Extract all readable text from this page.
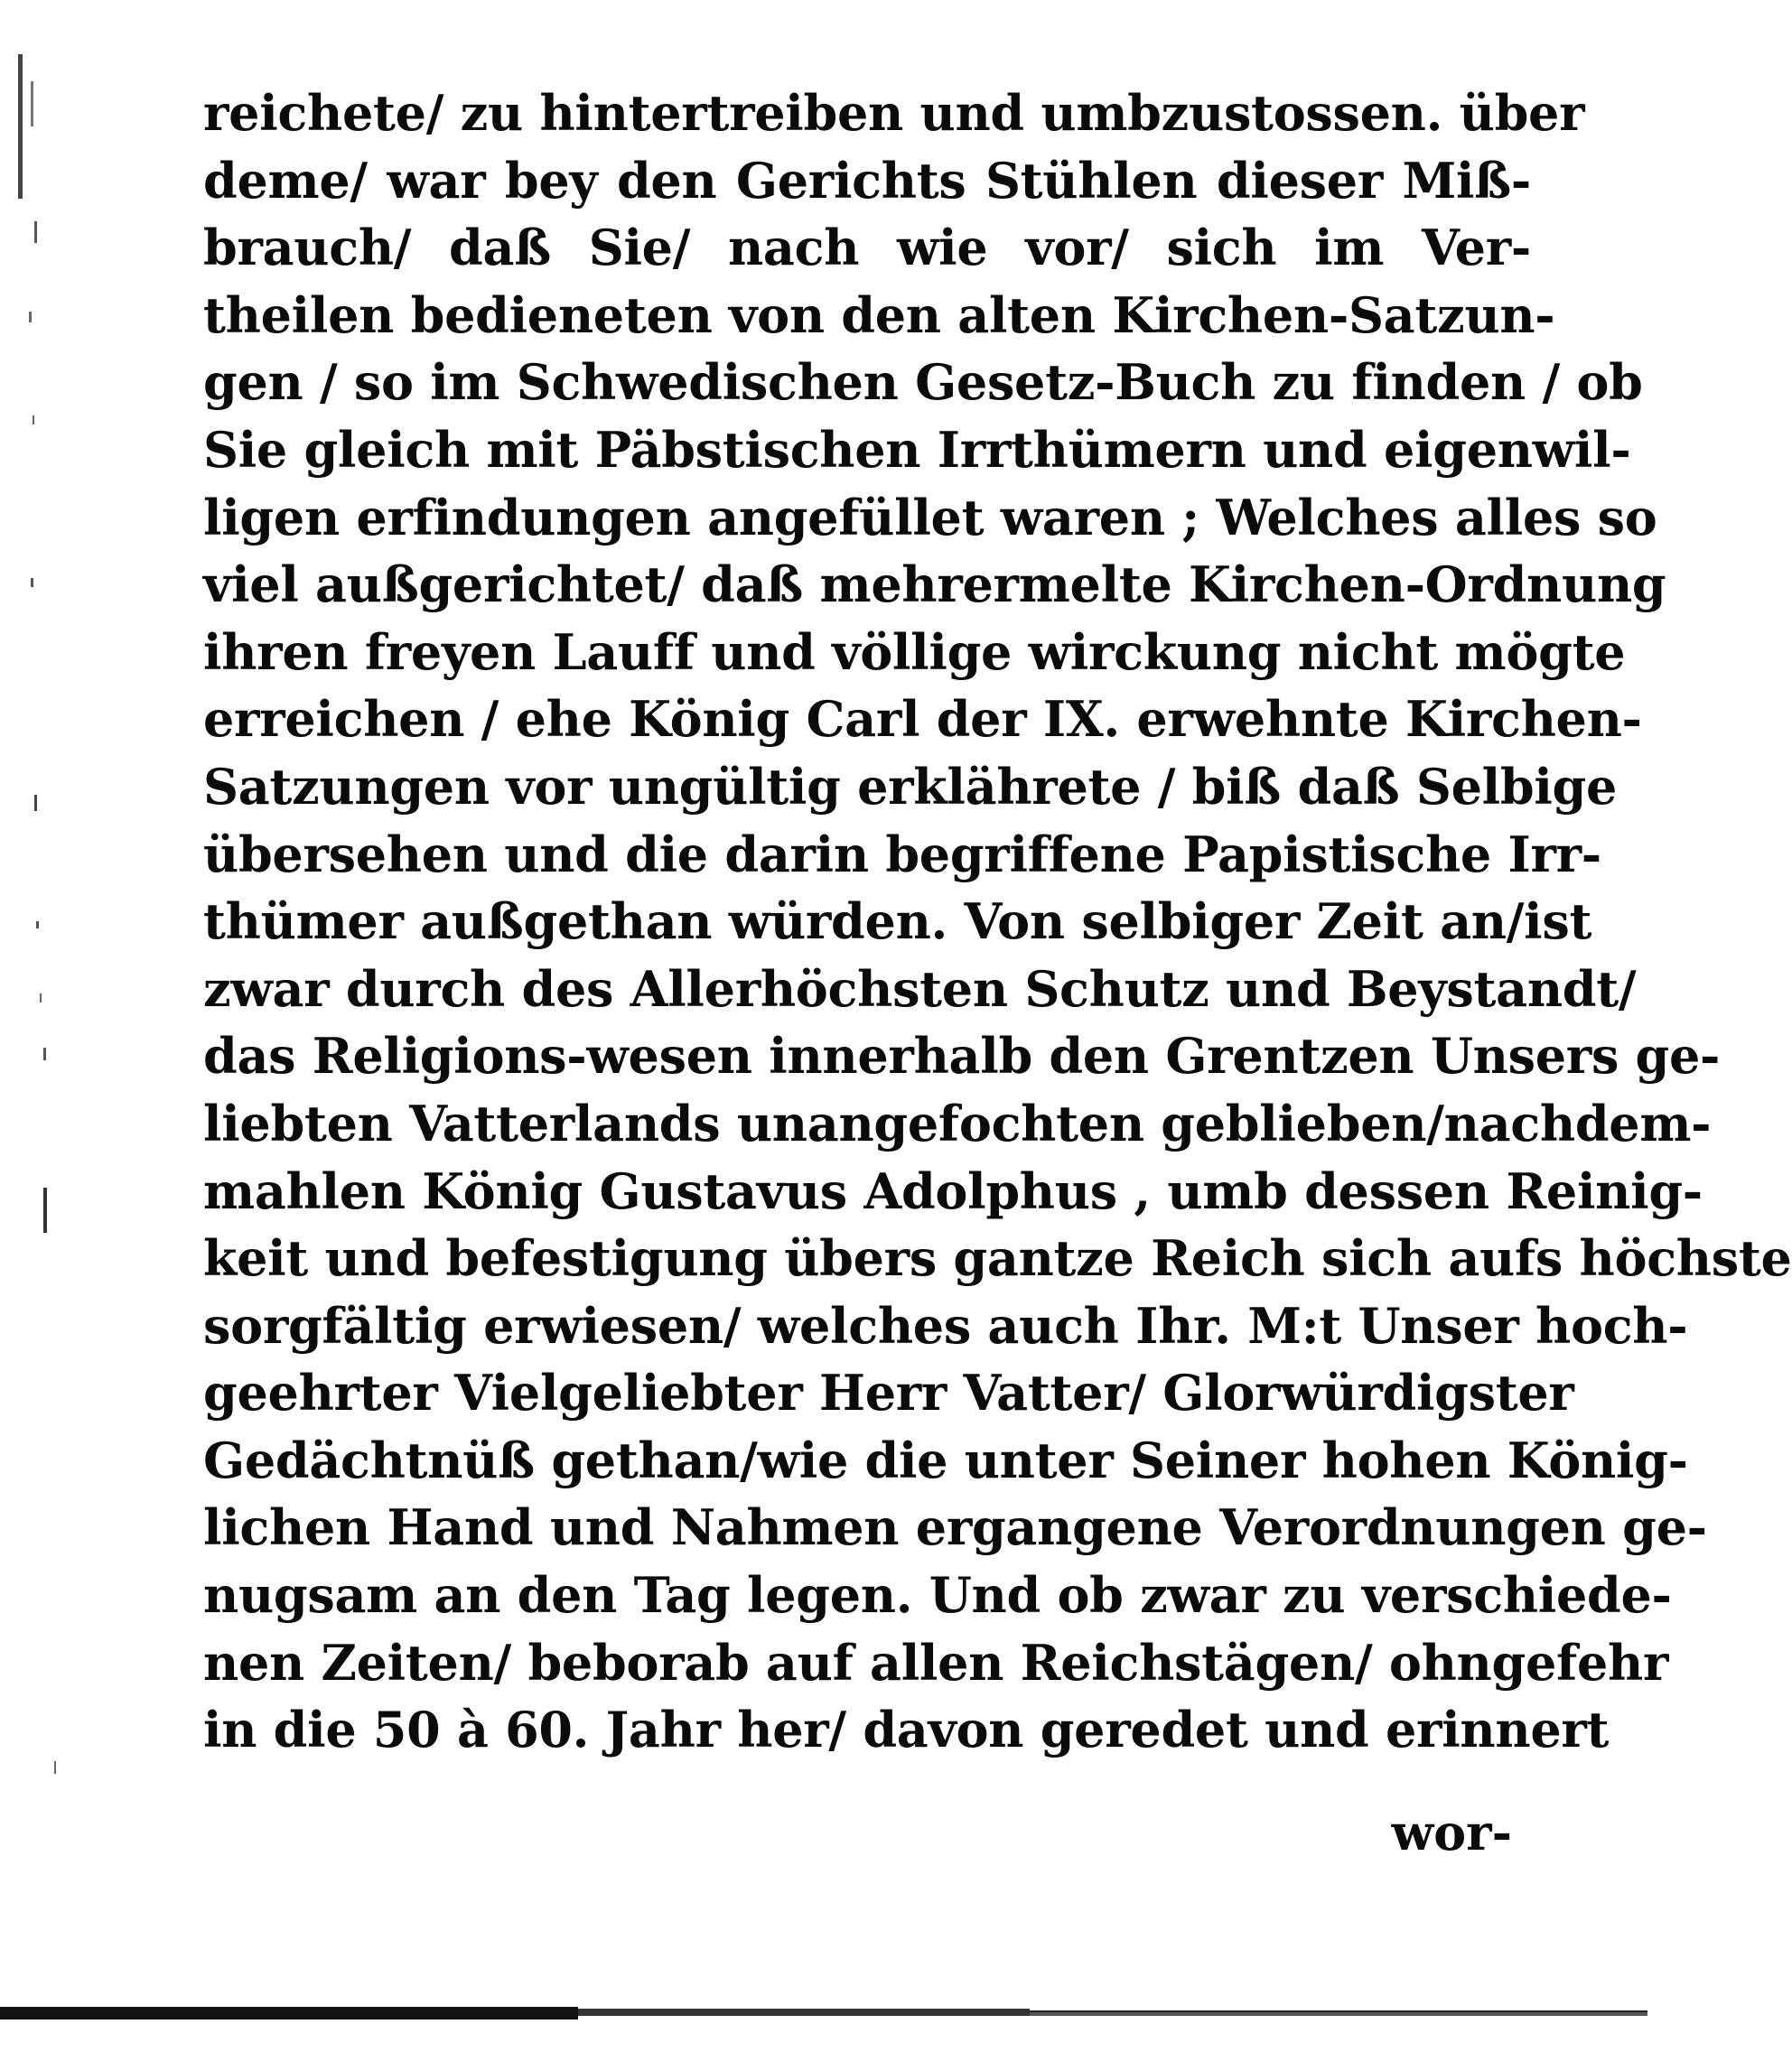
reichete/ zu hintertreiben und umbzustossen. über
deme/ war bey den Gerichts Stühlen dieser Miß-
brauch/ daß Sie/ nach wie vor/ sich im Ver-
theilen bedieneten von den alten Kirchen-Satzun-
gen / so im Schwedischen Gesetz-Buch zu finden / ob
Sie gleich mit Päbstischen Irrthümern und eigenwil-
ligen erfindungen angefüllet waren ; Welches alles so
viel außgerichtet/ daß mehrermelte Kirchen-Ordnung
ihren freyen Lauff und völlige wirckung nicht mögte
erreichen / ehe König Carl der IX. erwehnte Kirchen-
Satzungen vor ungültig erklährete / biß daß Selbige
übersehen und die darin begriffene Papistische Irr-
thümer außgethan würden. Von selbiger Zeit an/ist
zwar durch des Allerhöchsten Schutz und Beystandt/
das Religions-wesen innerhalb den Grentzen Unsers ge-
liebten Vatterlands unangefochten geblieben/nachdem-
mahlen König Gustavus Adolphus , umb dessen Reinig-
keit und befestigung übers gantze Reich sich aufs höchste
sorgfältig erwiesen/ welches auch Ihr. M:t Unser hoch-
geehrter Vielgeliebter Herr Vatter/ Glorwürdigster
Gedächtnüß gethan/wie die unter Seiner hohen König-
lichen Hand und Nahmen ergangene Verordnungen ge-
nugsam an den Tag legen. Und ob zwar zu verschiede-
nen Zeiten/ beborab auf allen Reichstägen/ ohngefehr
in die 50 à 60. Jahr her/ davon geredet und erinnert
wor-
